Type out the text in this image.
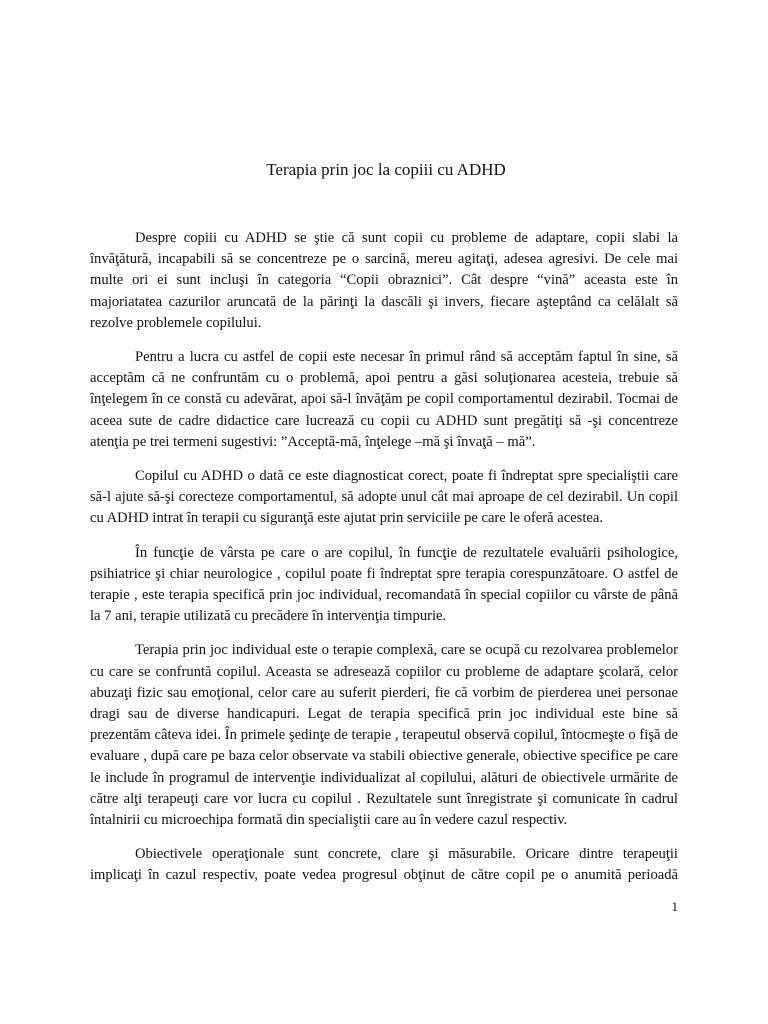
Terapia prin joc la copiii cu ADHD

Despre copiii cu ADHD se ştie că sunt copii cu probleme de adaptare, copii slabi la învăţătură, incapabili să se concentreze pe o sarcină, mereu agitaţi, adesea agresivi. De cele mai multe ori ei sunt incluşi în categoria “Copii obraznici”. Cât despre “vină” aceasta este în majoriatatea cazurilor aruncată de la părinţi la dascăli şi invers, fiecare aşteptând ca celălalt să rezolve problemele copilului.

Pentru a lucra cu astfel de copii este necesar în primul rând să acceptăm faptul în sine, să acceptăm că ne confruntăm cu o problemă, apoi pentru a găsi soluţionarea acesteia, trebuie să înţelegem în ce constă cu adevărat, apoi să-l învăţăm pe copil comportamentul dezirabil. Tocmai de aceea sute de cadre didactice care lucrează cu copii cu ADHD sunt pregătiţi să -şi concentreze atenţia pe trei termeni sugestivi: ”Acceptă-mă, înţelege –mă şi învaţă – mă”.

Copilul cu ADHD o dată ce este diagnosticat corect, poate fi îndreptat spre specialiştii care să-l ajute să-şi corecteze comportamentul, să adopte unul cât mai aproape de cel dezirabil. Un copil cu ADHD intrat în terapii cu siguranţă este ajutat prin serviciile pe care le oferă acestea.

În funcţie de vârsta pe care o are copilul, în funcţie de rezultatele evaluării psihologice, psihiatrice şi chiar neurologice , copilul poate fi îndreptat spre terapia corespunzătoare. O astfel de terapie , este terapia specifică prin joc individual, recomandată în special copiilor cu vârste de până la 7 ani, terapie utilizată cu precădere în intervenţia timpurie.

Terapia prin joc individual este o terapie complexă, care se ocupă cu rezolvarea problemelor cu care se confruntă copilul. Aceasta se adresează copiilor cu probleme de adaptare şcolară, celor abuzaţi fizic sau emoţional, celor care au suferit pierderi, fie că vorbim de pierderea unei personae dragi sau de diverse handicapuri. Legat de terapia specifică prin joc individual este bine să prezentăm câteva idei. În primele şedinţe de terapie , terapeutul observă copilul, întocmeşte o fişă de evaluare , după care pe baza celor observate va stabili obiective generale, obiective specifice pe care le include în programul de intervenţie individualizat al copilului, alături de obiectivele urmărite de către alţi terapeuţi care vor lucra cu copilul . Rezultatele sunt înregistrate şi comunicate în cadrul întalnirii cu microechipa formată din specialiştii care au în vedere cazul respectiv.

Obiectivele operaţionale sunt concrete, clare şi măsurabile. Oricare dintre terapeuţii implicaţi în cazul respectiv, poate vedea progresul obţinut de către copil pe o anumită perioadă

1
